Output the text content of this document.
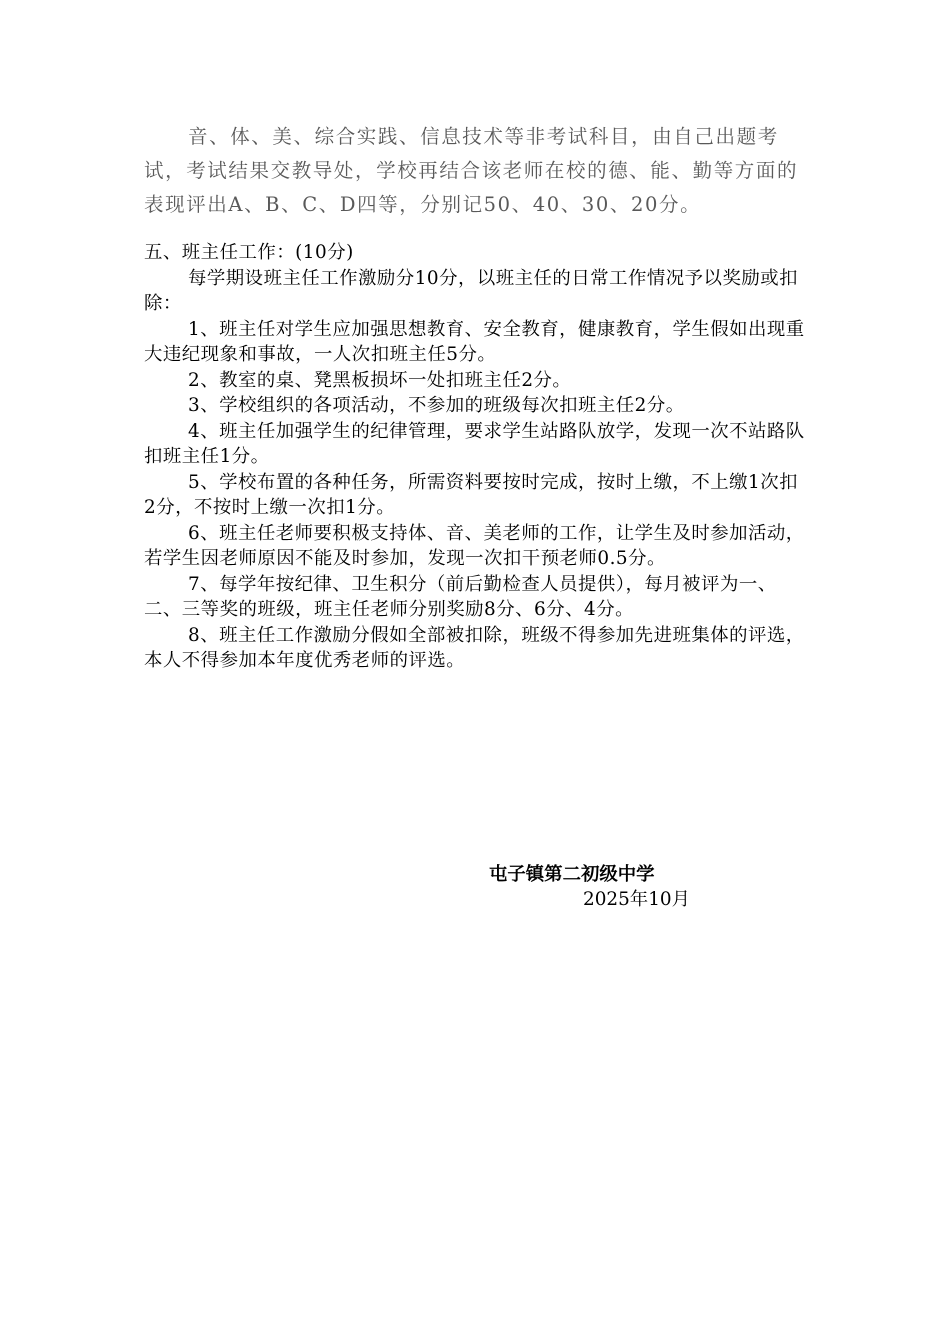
音、体、美、综合实践、信息技术等非考试科目，由自己出题考试，考试结果交教导处，学校再结合该老师在校的德、能、勤等方面的表现评出A、B、C、D四等，分别记50、40、30、20分。

五、班主任工作：(10分)

每学期设班主任工作激励分10分，以班主任的日常工作情况予以奖励或扣除：

1、班主任对学生应加强思想教育、安全教育，健康教育，学生假如出现重大违纪现象和事故，一人次扣班主任5分。

2、教室的桌、凳黑板损坏一处扣班主任2分。

3、学校组织的各项活动，不参加的班级每次扣班主任2分。

4、班主任加强学生的纪律管理，要求学生站路队放学，发现一次不站路队扣班主任1分。

5、学校布置的各种任务，所需资料要按时完成，按时上缴，不上缴1次扣2分，不按时上缴一次扣1分。

6、班主任老师要积极支持体、音、美老师的工作，让学生及时参加活动，若学生因老师原因不能及时参加，发现一次扣干预老师0.5分。

7、每学年按纪律、卫生积分（前后勤检查人员提供），每月被评为一、二、三等奖的班级，班主任老师分别奖励8分、6分、4分。

8、班主任工作激励分假如全部被扣除，班级不得参加先进班集体的评选，本人不得参加本年度优秀老师的评选。

屯子镇第二初级中学
2025年10月
